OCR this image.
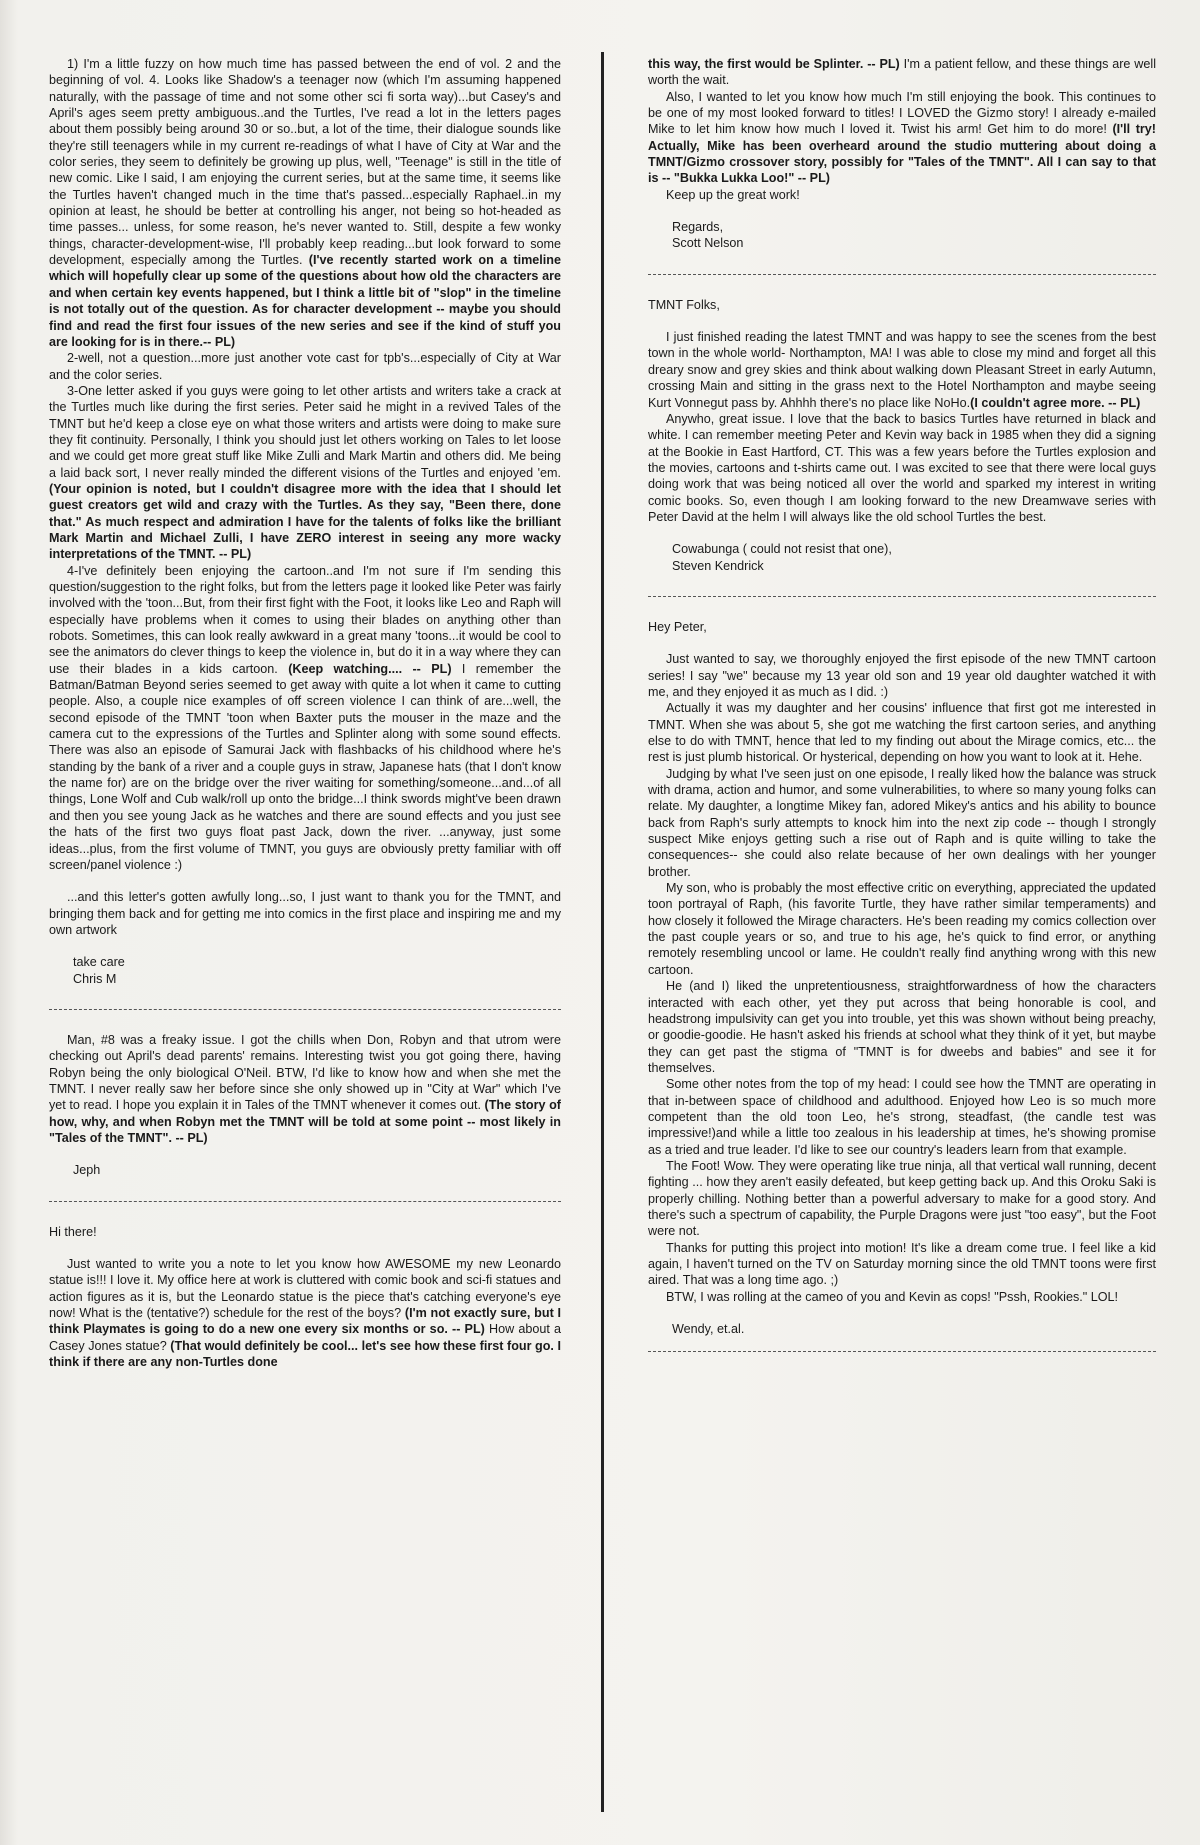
1) I'm a little fuzzy on how much time has passed between the end of vol. 2 and the beginning of vol. 4. Looks like Shadow's a teenager now (which I'm assuming happened naturally, with the passage of time and not some other sci fi sorta way)...but Casey's and April's ages seem pretty ambiguous..and the Turtles, I've read a lot in the letters pages about them possibly being around 30 or so..but, a lot of the time, their dialogue sounds like they're still teenagers while in my current re-readings of what I have of City at War and the color series, they seem to definitely be growing up plus, well, "Teenage" is still in the title of new comic. Like I said, I am enjoying the current series, but at the same time, it seems like the Turtles haven't changed much in the time that's passed...especially Raphael..in my opinion at least, he should be better at controlling his anger, not being so hot-headed as time passes... unless, for some reason, he's never wanted to. Still, despite a few wonky things, character-development-wise, I'll probably keep reading...but look forward to some development, especially among the Turtles. (I've recently started work on a timeline which will hopefully clear up some of the questions about how old the characters are and when certain key events happened, but I think a little bit of "slop" in the timeline is not totally out of the question. As for character development -- maybe you should find and read the first four issues of the new series and see if the kind of stuff you are looking for is in there.-- PL)

2-well, not a question...more just another vote cast for tpb's...especially of City at War and the color series.

3-One letter asked if you guys were going to let other artists and writers take a crack at the Turtles much like during the first series. Peter said he might in a revived Tales of the TMNT but he'd keep a close eye on what those writers and artists were doing to make sure they fit continuity. Personally, I think you should just let others working on Tales to let loose and we could get more great stuff like Mike Zulli and Mark Martin and others did. Me being a laid back sort, I never really minded the different visions of the Turtles and enjoyed 'em. (Your opinion is noted, but I couldn't disagree more with the idea that I should let guest creators get wild and crazy with the Turtles. As they say, "Been there, done that." As much respect and admiration I have for the talents of folks like the brilliant Mark Martin and Michael Zulli, I have ZERO interest in seeing any more wacky interpretations of the TMNT. -- PL)

4-I've definitely been enjoying the cartoon..and I'm not sure if I'm sending this question/suggestion to the right folks, but from the letters page it looked like Peter was fairly involved with the 'toon...But, from their first fight with the Foot, it looks like Leo and Raph will especially have problems when it comes to using their blades on anything other than robots. Sometimes, this can look really awkward in a great many 'toons...it would be cool to see the animators do clever things to keep the violence in, but do it in a way where they can use their blades in a kids cartoon. (Keep watching.... -- PL) I remember the Batman/Batman Beyond series seemed to get away with quite a lot when it came to cutting people. Also, a couple nice examples of off screen violence I can think of are...well, the second episode of the TMNT 'toon when Baxter puts the mouser in the maze and the camera cut to the expressions of the Turtles and Splinter along with some sound effects. There was also an episode of Samurai Jack with flashbacks of his childhood where he's standing by the bank of a river and a couple guys in straw, Japanese hats (that I don't know the name for) are on the bridge over the river waiting for something/someone...and...of all things, Lone Wolf and Cub walk/roll up onto the bridge...I think swords might've been drawn and then you see young Jack as he watches and there are sound effects and you just see the hats of the first two guys float past Jack, down the river. ...anyway, just some ideas...plus, from the first volume of TMNT, you guys are obviously pretty familiar with off screen/panel violence :)

...and this letter's gotten awfully long...so, I just want to thank you for the TMNT, and bringing them back and for getting me into comics in the first place and inspiring me and my own artwork

take care

Chris M

Man, #8 was a freaky issue. I got the chills when Don, Robyn and that utrom were checking out April's dead parents' remains. Interesting twist you got going there, having Robyn being the only biological O'Neil. BTW, I'd like to know how and when she met the TMNT. I never really saw her before since she only showed up in "City at War" which I've yet to read. I hope you explain it in Tales of the TMNT whenever it comes out. (The story of how, why, and when Robyn met the TMNT will be told at some point -- most likely in "Tales of the TMNT". -- PL)

Jeph

Hi there!

Just wanted to write you a note to let you know how AWESOME my new Leonardo statue is!!! I love it. My office here at work is cluttered with comic book and sci-fi statues and action figures as it is, but the Leonardo statue is the piece that's catching everyone's eye now! What is the (tentative?) schedule for the rest of the boys? (I'm not exactly sure, but I think Playmates is going to do a new one every six months or so. -- PL) How about a Casey Jones statue? (That would definitely be cool... let's see how these first four go. I think if there are any non-Turtles done

this way, the first would be Splinter. -- PL) I'm a patient fellow, and these things are well worth the wait.

Also, I wanted to let you know how much I'm still enjoying the book. This continues to be one of my most looked forward to titles! I LOVED the Gizmo story! I already e-mailed Mike to let him know how much I loved it. Twist his arm! Get him to do more! (I'll try! Actually, Mike has been overheard around the studio muttering about doing a TMNT/Gizmo crossover story, possibly for "Tales of the TMNT". All I can say to that is -- "Bukka Lukka Loo!" -- PL)

Keep up the great work!

Regards,

Scott Nelson

TMNT Folks,

I just finished reading the latest TMNT and was happy to see the scenes from the best town in the whole world- Northampton, MA! I was able to close my mind and forget all this dreary snow and grey skies and think about walking down Pleasant Street in early Autumn, crossing Main and sitting in the grass next to the Hotel Northampton and maybe seeing Kurt Vonnegut pass by. Ahhhh there's no place like NoHo.(I couldn't agree more. -- PL)

Anywho, great issue. I love that the back to basics Turtles have returned in black and white. I can remember meeting Peter and Kevin way back in 1985 when they did a signing at the Bookie in East Hartford, CT. This was a few years before the Turtles explosion and the movies, cartoons and t-shirts came out. I was excited to see that there were local guys doing work that was being noticed all over the world and sparked my interest in writing comic books. So, even though I am looking forward to the new Dreamwave series with Peter David at the helm I will always like the old school Turtles the best.

Cowabunga ( could not resist that one),

Steven Kendrick

Hey Peter,

Just wanted to say, we thoroughly enjoyed the first episode of the new TMNT cartoon series! I say "we" because my 13 year old son and 19 year old daughter watched it with me, and they enjoyed it as much as I did. :)

Actually it was my daughter and her cousins' influence that first got me interested in TMNT. When she was about 5, she got me watching the first cartoon series, and anything else to do with TMNT, hence that led to my finding out about the Mirage comics, etc... the rest is just plumb historical. Or hysterical, depending on how you want to look at it. Hehe.

Judging by what I've seen just on one episode, I really liked how the balance was struck with drama, action and humor, and some vulnerabilities, to where so many young folks can relate. My daughter, a longtime Mikey fan, adored Mikey's antics and his ability to bounce back from Raph's surly attempts to knock him into the next zip code -- though I strongly suspect Mike enjoys getting such a rise out of Raph and is quite willing to take the consequences-- she could also relate because of her own dealings with her younger brother.

My son, who is probably the most effective critic on everything, appreciated the updated toon portrayal of Raph, (his favorite Turtle, they have rather similar temperaments) and how closely it followed the Mirage characters. He's been reading my comics collection over the past couple years or so, and true to his age, he's quick to find error, or anything remotely resembling uncool or lame. He couldn't really find anything wrong with this new cartoon.

He (and I) liked the unpretentiousness, straightforwardness of how the characters interacted with each other, yet they put across that being honorable is cool, and headstrong impulsivity can get you into trouble, yet this was shown without being preachy, or goodie-goodie. He hasn't asked his friends at school what they think of it yet, but maybe they can get past the stigma of "TMNT is for dweebs and babies" and see it for themselves.

Some other notes from the top of my head: I could see how the TMNT are operating in that in-between space of childhood and adulthood. Enjoyed how Leo is so much more competent than the old toon Leo, he's strong, steadfast, (the candle test was impressive!)and while a little too zealous in his leadership at times, he's showing promise as a tried and true leader. I'd like to see our country's leaders learn from that example.

The Foot! Wow. They were operating like true ninja, all that vertical wall running, decent fighting ... how they aren't easily defeated, but keep getting back up. And this Oroku Saki is properly chilling. Nothing better than a powerful adversary to make for a good story. And there's such a spectrum of capability, the Purple Dragons were just "too easy", but the Foot were not.

Thanks for putting this project into motion! It's like a dream come true. I feel like a kid again, I haven't turned on the TV on Saturday morning since the old TMNT toons were first aired. That was a long time ago. ;)

BTW, I was rolling at the cameo of you and Kevin as cops! "Pssh, Rookies." LOL!

Wendy, et.al.
